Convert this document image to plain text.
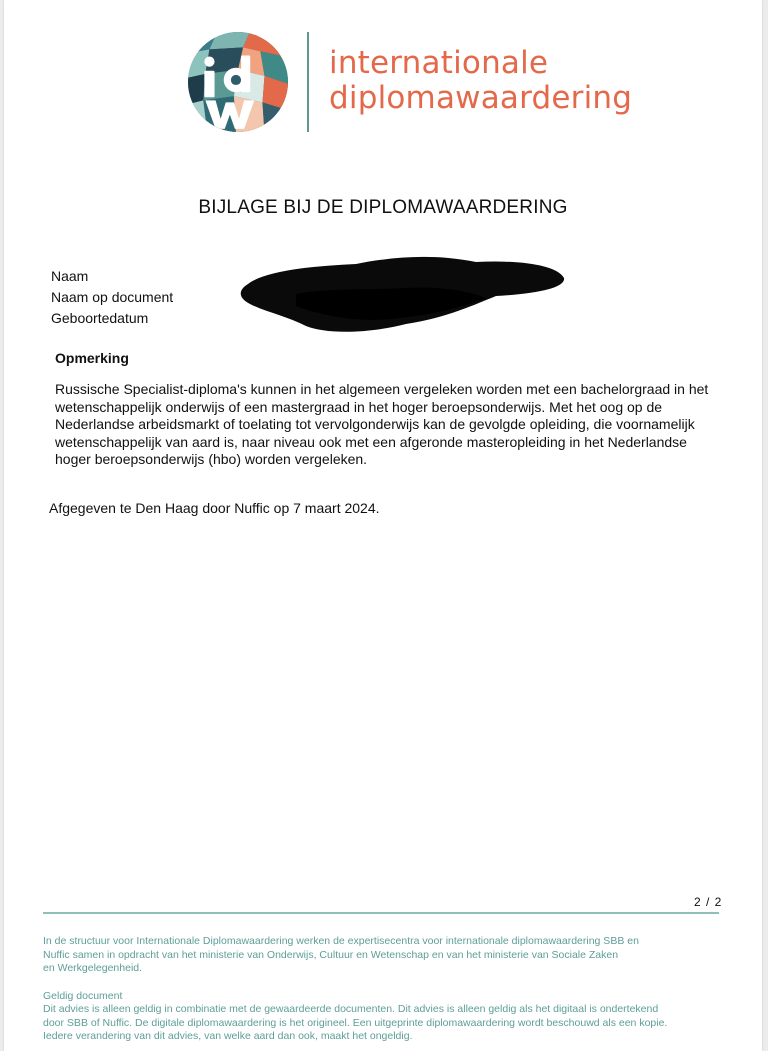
internationale
diplomawaardering
BIJLAGE BIJ DE DIPLOMAWAARDERING
Naam
Naam op document
Geboortedatum
Opmerking
Russische Specialist-diploma's kunnen in het algemeen vergeleken worden met een bachelorgraad in het
wetenschappelijk onderwijs of een mastergraad in het hoger beroepsonderwijs. Met het oog op de
Nederlandse arbeidsmarkt of toelating tot vervolgonderwijs kan de gevolgde opleiding, die voornamelijk
wetenschappelijk van aard is, naar niveau ook met een afgeronde masteropleiding in het Nederlandse
hoger beroepsonderwijs (hbo) worden vergeleken.
Afgegeven te Den Haag door Nuffic op 7 maart 2024.
2 / 2

In de structuur voor Internationale Diplomawaardering werken de expertisecentra voor internationale diplomawaardering SBB en

Nuffic samen in opdracht van het ministerie van Onderwijs, Cultuur en Wetenschap en van het ministerie van Sociale Zaken

en Werkgelegenheid.

Geldig document

Dit advies is alleen geldig in combinatie met de gewaardeerde documenten. Dit advies is alleen geldig als het digitaal is ondertekend

door SBB of Nuffic. De digitale diplomawaardering is het origineel. Een uitgeprinte diplomawaardering wordt beschouwd als een kopie.

Iedere verandering van dit advies, van welke aard dan ook, maakt het ongeldig.
